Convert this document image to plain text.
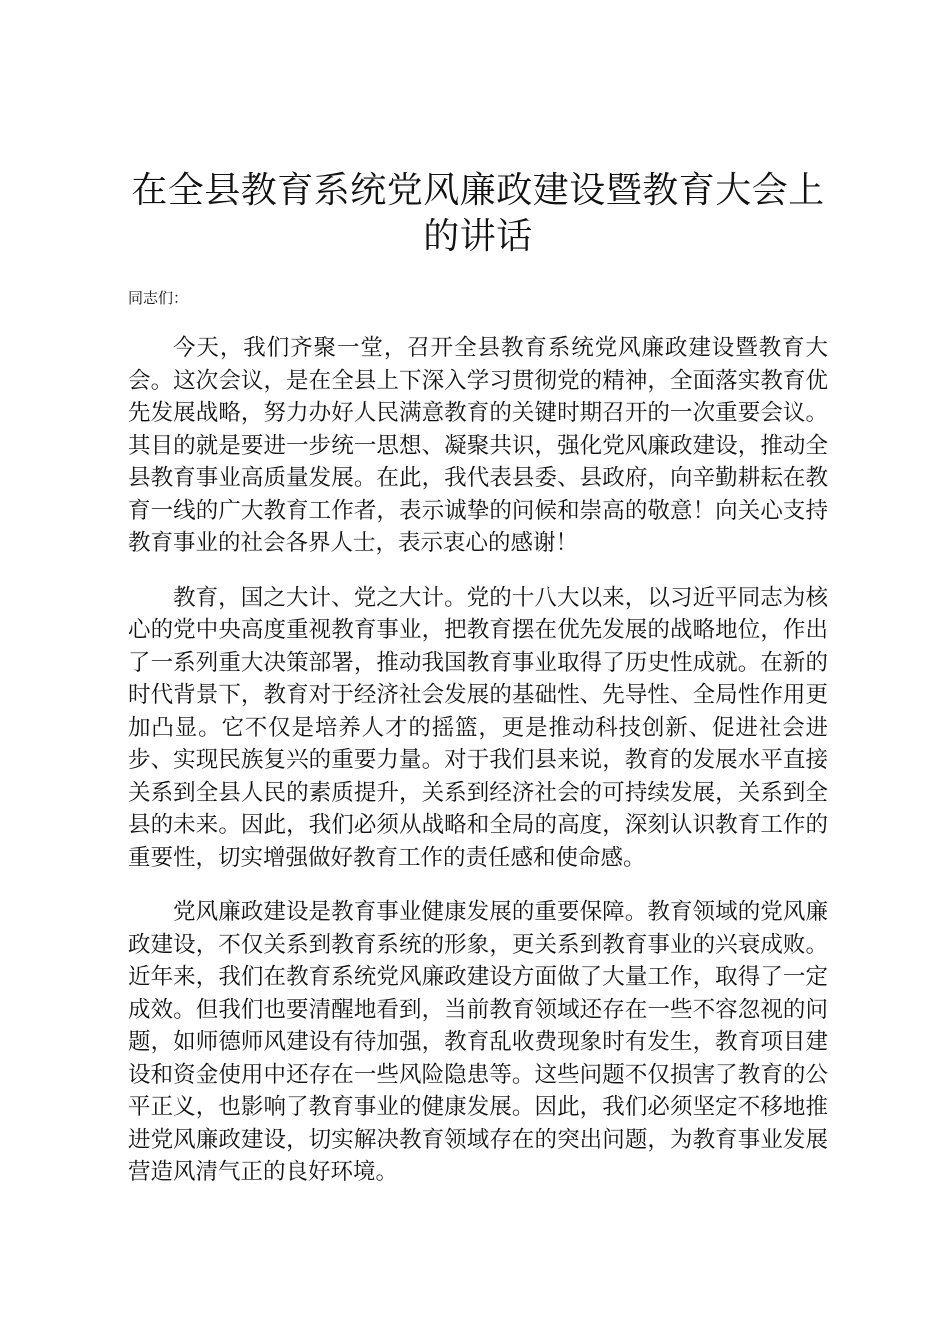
在全县教育系统党风廉政建设暨教育大会上的讲话

同志们：

今天，我们齐聚一堂，召开全县教育系统党风廉政建设暨教育大会。这次会议，是在全县上下深入学习贯彻党的精神，全面落实教育优先发展战略，努力办好人民满意教育的关键时期召开的一次重要会议。其目的就是要进一步统一思想、凝聚共识，强化党风廉政建设，推动全县教育事业高质量发展。在此，我代表县委、县政府，向辛勤耕耘在教育一线的广大教育工作者，表示诚挚的问候和崇高的敬意！向关心支持教育事业的社会各界人士，表示衷心的感谢！

教育，国之大计、党之大计。党的十八大以来，以习近平同志为核心的党中央高度重视教育事业，把教育摆在优先发展的战略地位，作出了一系列重大决策部署，推动我国教育事业取得了历史性成就。在新的时代背景下，教育对于经济社会发展的基础性、先导性、全局性作用更加凸显。它不仅是培养人才的摇篮，更是推动科技创新、促进社会进步、实现民族复兴的重要力量。对于我们县来说，教育的发展水平直接关系到全县人民的素质提升，关系到经济社会的可持续发展，关系到全县的未来。因此，我们必须从战略和全局的高度，深刻认识教育工作的重要性，切实增强做好教育工作的责任感和使命感。

党风廉政建设是教育事业健康发展的重要保障。教育领域的党风廉政建设，不仅关系到教育系统的形象，更关系到教育事业的兴衰成败。近年来，我们在教育系统党风廉政建设方面做了大量工作，取得了一定成效。但我们也要清醒地看到，当前教育领域还存在一些不容忽视的问题，如师德师风建设有待加强，教育乱收费现象时有发生，教育项目建设和资金使用中还存在一些风险隐患等。这些问题不仅损害了教育的公平正义，也影响了教育事业的健康发展。因此，我们必须坚定不移地推进党风廉政建设，切实解决教育领域存在的突出问题，为教育事业发展营造风清气正的良好环境。
